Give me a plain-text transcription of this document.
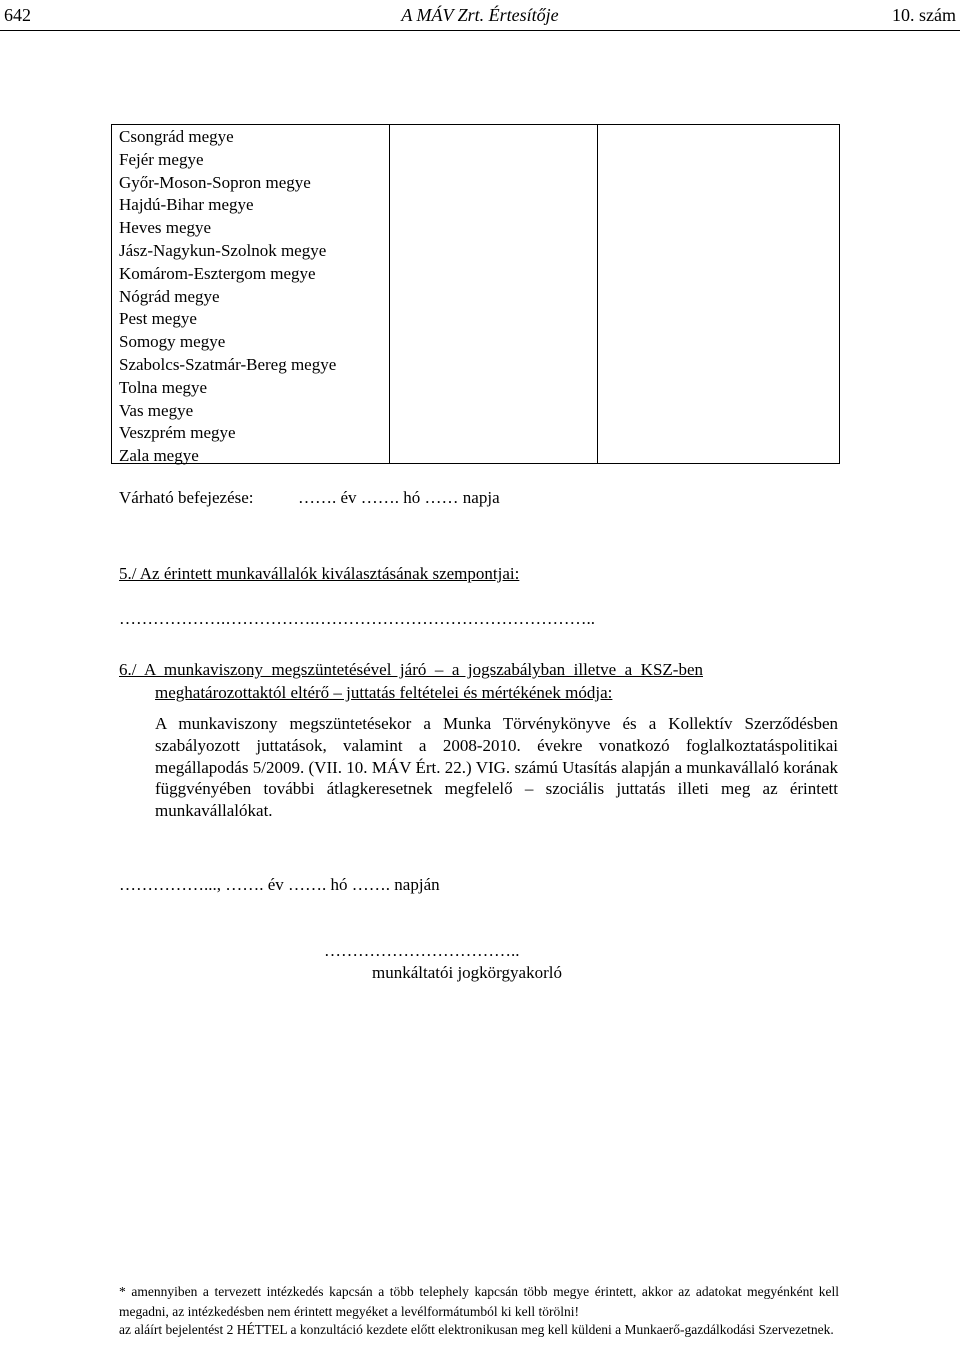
642	A MÁV Zrt. Értesítője	10. szám
Csongrád megye
Fejér megye
Győr-Moson-Sopron megye
Hajdú-Bihar megye
Heves megye
Jász-Nagykun-Szolnok megye
Komárom-Esztergom megye
Nógrád megye
Pest megye
Somogy megye
Szabolcs-Szatmár-Bereg megye
Tolna megye
Vas megye
Veszprém megye
Zala megye
Várható befejezése:	……. év ……. hó …… napja
5./ Az érintett munkavállalók kiválasztásának szempontjai:
……………….…………….…………………………………………..
6./  A  munkaviszony  megszüntetésével  járó  –  a  jogszabályban  illetve  a  KSZ-ben
meghatározottaktól eltérő – juttatás feltételei és mértékének módja:
A munkaviszony megszüntetésekor a Munka Törvénykönyve és a Kollektív Szerződésben szabályozott juttatások, valamint a 2008-2010. évekre vonatkozó foglalkoztatáspolitikai megállapodás 5/2009. (VII. 10. MÁV Ért. 22.) VIG. számú Utasítás alapján a munkavállaló korának függvényében további átlagkeresetnek megfelelő – szociális juttatás illeti meg az érintett munkavállalókat.
……………..., ……. év ……. hó ……. napján
……………………………..
munkáltatói jogkörgyakorló
* amennyiben a tervezett intézkedés kapcsán a több telephely kapcsán több megye érintett, akkor az adatokat megyénként kell megadni, az intézkedésben nem érintett megyéket a levélformátumból ki kell törölni!
az aláírt bejelentést 2 HÉTTEL a konzultáció kezdete előtt elektronikusan meg kell küldeni a Munkaerő-gazdálkodási Szervezetnek.
